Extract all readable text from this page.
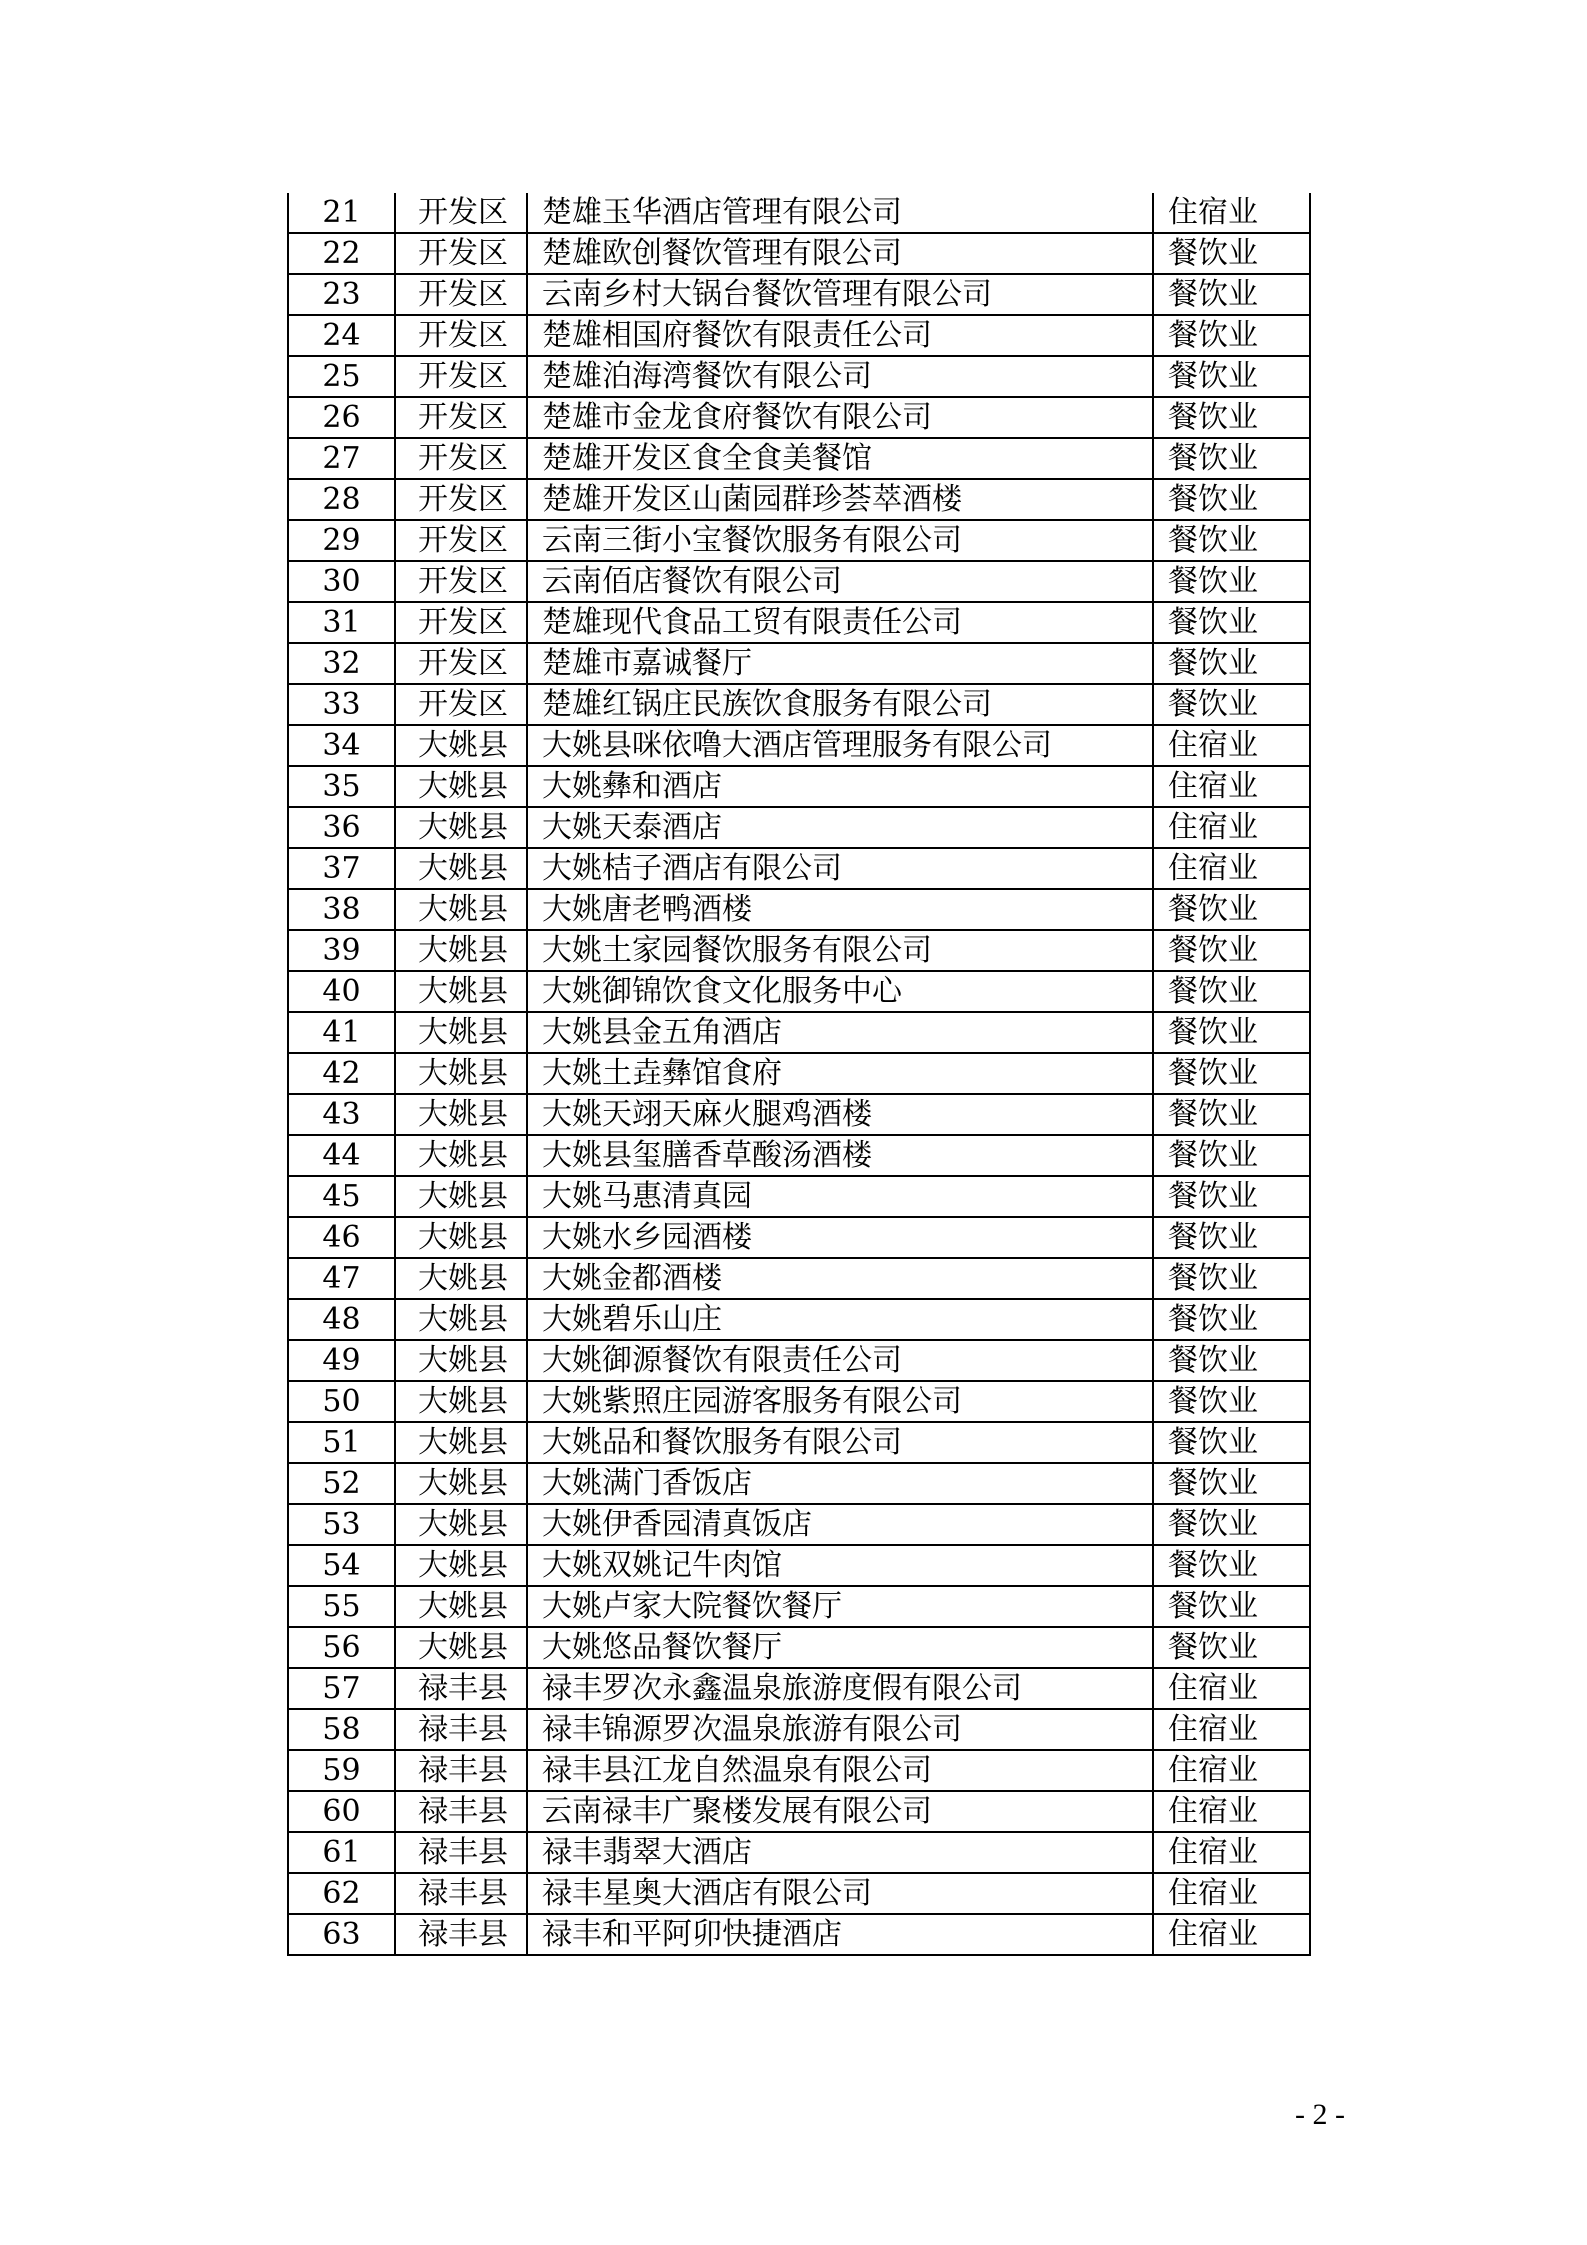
21	开发区	楚雄玉华酒店管理有限公司	住宿业
22	开发区	楚雄欧创餐饮管理有限公司	餐饮业
23	开发区	云南乡村大锅台餐饮管理有限公司	餐饮业
24	开发区	楚雄相国府餐饮有限责任公司	餐饮业
25	开发区	楚雄泊海湾餐饮有限公司	餐饮业
26	开发区	楚雄市金龙食府餐饮有限公司	餐饮业
27	开发区	楚雄开发区食全食美餐馆	餐饮业
28	开发区	楚雄开发区山菌园群珍荟萃酒楼	餐饮业
29	开发区	云南三街小宝餐饮服务有限公司	餐饮业
30	开发区	云南佰店餐饮有限公司	餐饮业
31	开发区	楚雄现代食品工贸有限责任公司	餐饮业
32	开发区	楚雄市嘉诚餐厅	餐饮业
33	开发区	楚雄红锅庄民族饮食服务有限公司	餐饮业
34	大姚县	大姚县咪依噜大酒店管理服务有限公司	住宿业
35	大姚县	大姚彝和酒店	住宿业
36	大姚县	大姚天泰酒店	住宿业
37	大姚县	大姚桔子酒店有限公司	住宿业
38	大姚县	大姚唐老鸭酒楼	餐饮业
39	大姚县	大姚土家园餐饮服务有限公司	餐饮业
40	大姚县	大姚御锦饮食文化服务中心	餐饮业
41	大姚县	大姚县金五角酒店	餐饮业
42	大姚县	大姚土垚彝馆食府	餐饮业
43	大姚县	大姚天翊天麻火腿鸡酒楼	餐饮业
44	大姚县	大姚县玺膳香草酸汤酒楼	餐饮业
45	大姚县	大姚马惠清真园	餐饮业
46	大姚县	大姚水乡园酒楼	餐饮业
47	大姚县	大姚金都酒楼	餐饮业
48	大姚县	大姚碧乐山庄	餐饮业
49	大姚县	大姚御源餐饮有限责任公司	餐饮业
50	大姚县	大姚紫照庄园游客服务有限公司	餐饮业
51	大姚县	大姚品和餐饮服务有限公司	餐饮业
52	大姚县	大姚满门香饭店	餐饮业
53	大姚县	大姚伊香园清真饭店	餐饮业
54	大姚县	大姚双姚记牛肉馆	餐饮业
55	大姚县	大姚卢家大院餐饮餐厅	餐饮业
56	大姚县	大姚悠品餐饮餐厅	餐饮业
57	禄丰县	禄丰罗次永鑫温泉旅游度假有限公司	住宿业
58	禄丰县	禄丰锦源罗次温泉旅游有限公司	住宿业
59	禄丰县	禄丰县江龙自然温泉有限公司	住宿业
60	禄丰县	云南禄丰广聚楼发展有限公司	住宿业
61	禄丰县	禄丰翡翠大酒店	住宿业
62	禄丰县	禄丰星奥大酒店有限公司	住宿业
63	禄丰县	禄丰和平阿卯快捷酒店	住宿业
- 2 -
